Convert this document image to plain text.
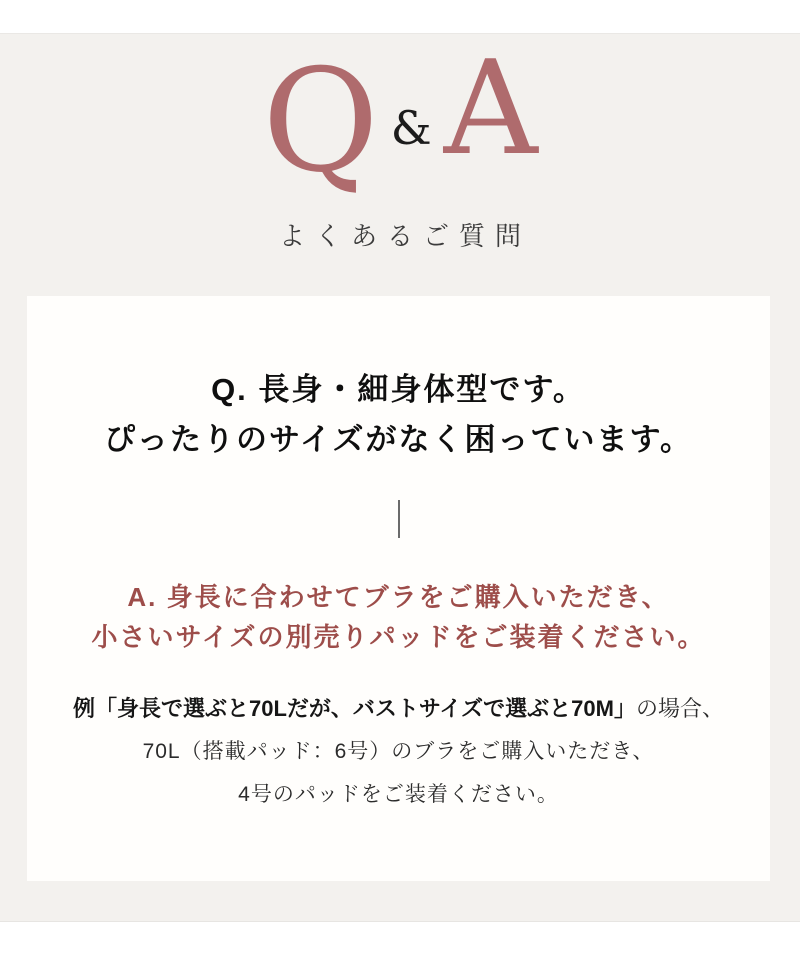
Q & A
よくあるご質問
Q. 長身・細身体型です。
ぴったりのサイズがなく困っています。
A. 身長に合わせてブラをご購入いただき、
小さいサイズの別売りパッドをご装着ください。
例「身長で選ぶと70Lだが、バストサイズで選ぶと70M」の場合、
70L（搭載パッド：6号）のブラをご購入いただき、
4号のパッドをご装着ください。
